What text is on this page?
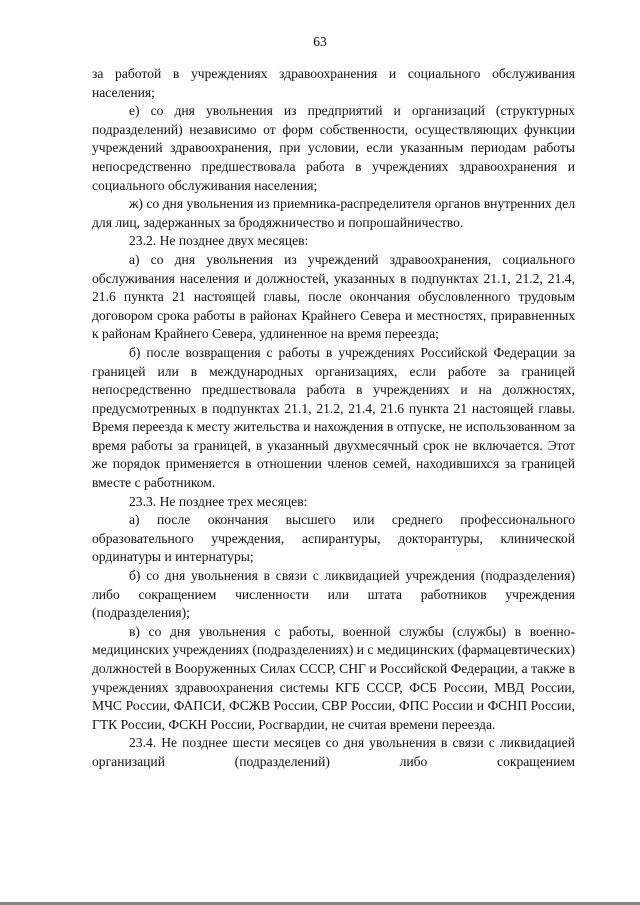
63

за работой в учреждениях здравоохранения и социального обслуживания населения;

е) со дня увольнения из предприятий и организаций (структурных подразделений) независимо от форм собственности, осуществляющих функции учреждений здравоохранения, при условии, если указанным периодам работы непосредственно предшествовала работа в учреждениях здравоохранения и социального обслуживания населения;

ж) со дня увольнения из приемника-распределителя органов внутренних дел для лиц, задержанных за бродяжничество и попрошайничество.

23.2. Не позднее двух месяцев:

а) со дня увольнения из учреждений здравоохранения, социального обслуживания населения и должностей, указанных в подпунктах 21.1, 21.2, 21.4, 21.6 пункта 21 настоящей главы, после окончания обусловленного трудовым договором срока работы в районах Крайнего Севера и местностях, приравненных к районам Крайнего Севера, удлиненное на время переезда;

б) после возвращения с работы в учреждениях Российской Федерации за границей или в международных организациях, если работе за границей непосредственно предшествовала работа в учреждениях и на должностях, предусмотренных в подпунктах 21.1, 21.2, 21.4, 21.6 пункта 21 настоящей главы. Время переезда к месту жительства и нахождения в отпуске, не использованном за время работы за границей, в указанный двухмесячный срок не включается. Этот же порядок применяется в отношении членов семей, находившихся за границей вместе с работником.

23.3. Не позднее трех месяцев:

а) после окончания высшего или среднего профессионального образовательного учреждения, аспирантуры, докторантуры, клинической ординатуры и интернатуры;

б) со дня увольнения в связи с ликвидацией учреждения (подразделения) либо сокращением численности или штата работников учреждения (подразделения);

в) со дня увольнения с работы, военной службы (службы) в военно-медицинских учреждениях (подразделениях) и с медицинских (фармацевтических) должностей в Вооруженных Силах СССР, СНГ и Российской Федерации, а также в учреждениях здравоохранения системы КГБ СССР, ФСБ России, МВД России, МЧС России, ФАПСИ, ФСЖВ России, СВР России, ФПС России и ФСНП России, ГТК России, ФСКН России, Росгвардии, не считая времени переезда.

23.4. Не позднее шести месяцев со дня увольнения в связи с ликвидацией организаций (подразделений) либо сокращением
